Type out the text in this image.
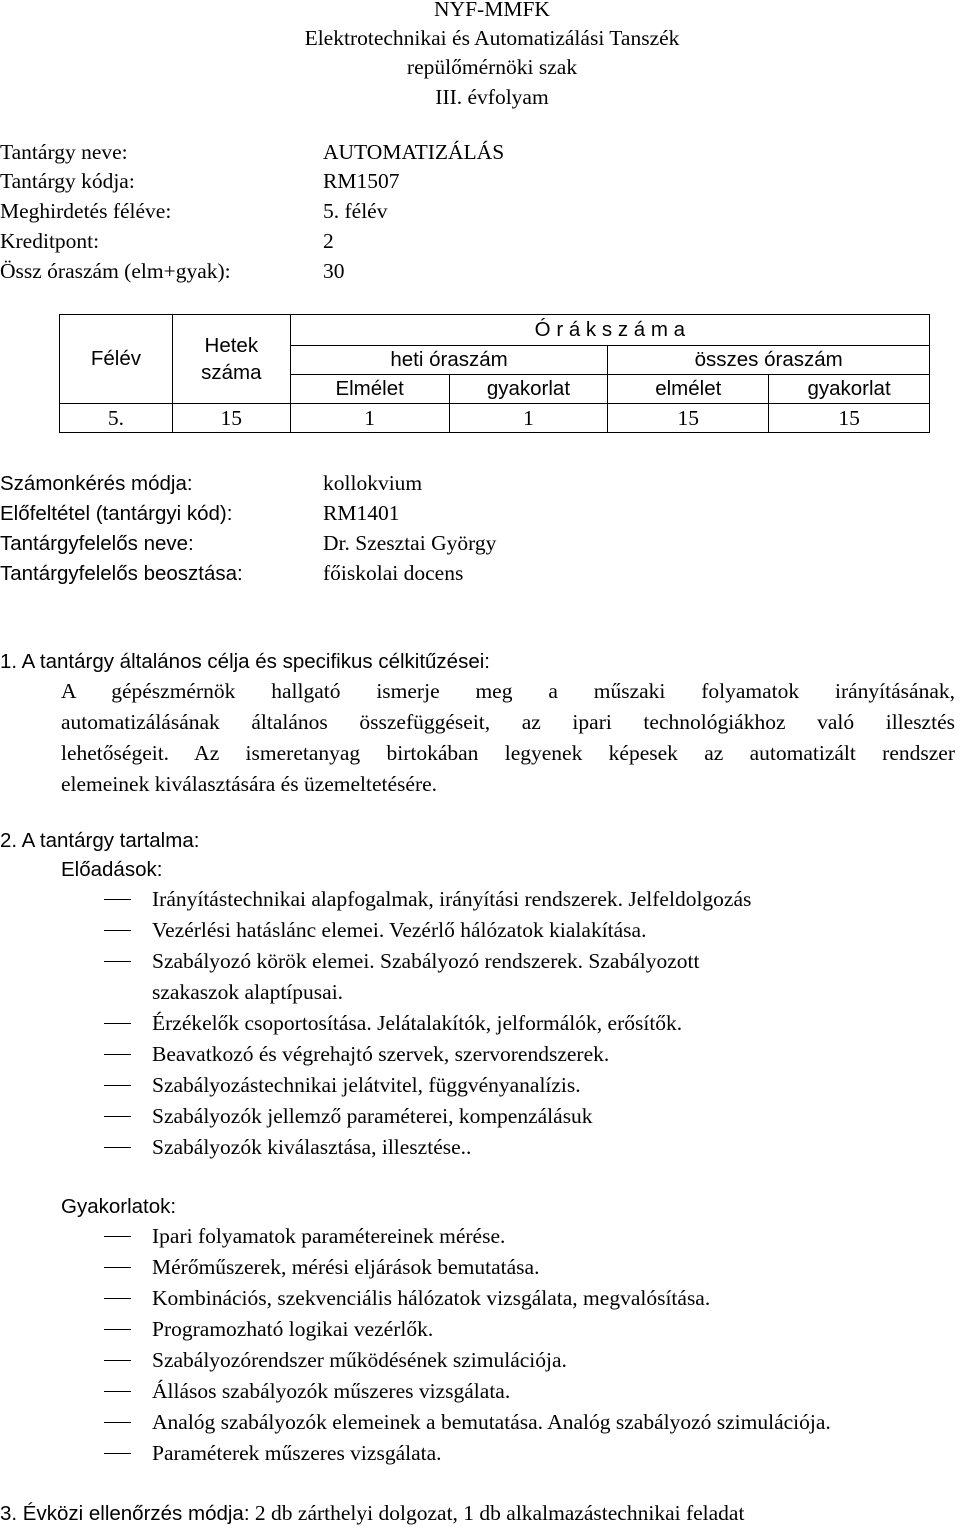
NYF-MMFK
Elektrotechnikai és Automatizálási Tanszék
repülőmérnöki szak
III. évfolyam
Tantárgy neve:	AUTOMATIZÁLÁS
Tantárgy kódja:	RM1507
Meghirdetés féléve:	5. félév
Kreditpont:	2
Össz óraszám (elm+gyak):	30
Félév	Hetek száma	Ó r á k s z á m a			
		heti óraszám		összes óraszám	
		Elmélet	gyakorlat	elmélet	gyakorlat
5.	15	1	1	15	15
Számonkérés módja:	kollokvium
Előfeltétel (tantárgyi kód):	RM1401
Tantárgyfelelős neve:	Dr. Szesztai György
Tantárgyfelelős beosztása:	főiskolai docens
1. A tantárgy általános célja és specifikus célkitűzései:
A gépészmérnök hallgató ismerje meg a műszaki folyamatok irányításának,
automatizálásának általános összefüggéseit, az ipari technológiákhoz való illesztés
lehetőségeit. Az ismeretanyag birtokában legyenek képesek az automatizált rendszer
elemeinek kiválasztására és üzemeltetésére.
2. A tantárgy tartalma:
Előadások:
Irányítástechnikai alapfogalmak, irányítási rendszerek. Jelfeldolgozás
Vezérlési hatáslánc elemei. Vezérlő hálózatok kialakítása.
Szabályozó körök elemei. Szabályozó rendszerek. Szabályozott szakaszok alaptípusai.
Érzékelők csoportosítása. Jelátalakítók, jelformálók, erősítők.
Beavatkozó és végrehajtó szervek, szervorendszerek.
Szabályozástechnikai jelátvitel, függvényanalízis.
Szabályozók jellemző paraméterei, kompenzálásuk
Szabályozók kiválasztása, illesztése..
Gyakorlatok:
Ipari folyamatok paramétereinek mérése.
Mérőműszerek, mérési eljárások bemutatása.
Kombinációs, szekvenciális hálózatok vizsgálata, megvalósítása.
Programozható logikai vezérlők.
Szabályozórendszer működésének szimulációja.
Állásos szabályozók műszeres vizsgálata.
Analóg szabályozók elemeinek a bemutatása. Analóg szabályozó szimulációja.
Paraméterek műszeres vizsgálata.
3. Évközi ellenőrzés módja: 2 db zárthelyi dolgozat, 1 db alkalmazástechnikai feladat
